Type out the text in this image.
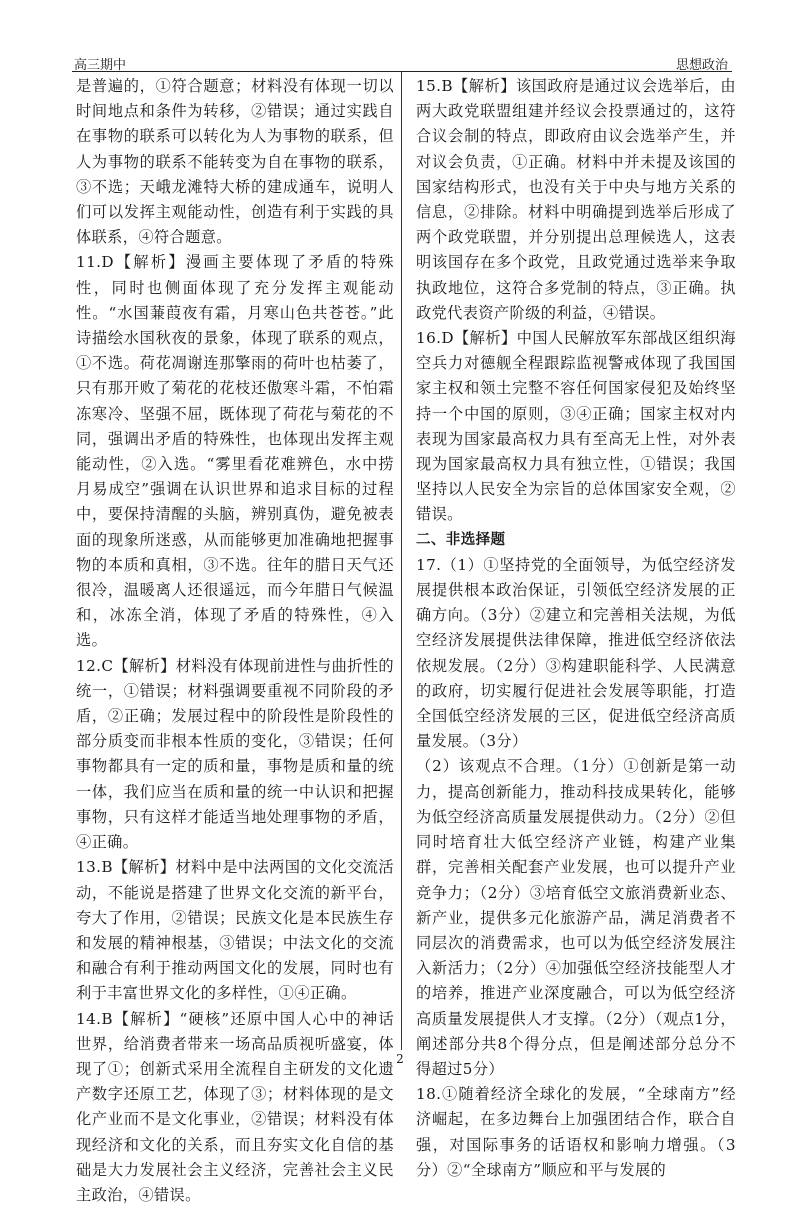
高三期中	思想政治

是普遍的，①符合题意；材料没有体现一切以时间地点和条件为转移，②错误；通过实践自在事物的联系可以转化为人为事物的联系，但人为事物的联系不能转变为自在事物的联系，③不选；天峨龙滩特大桥的建成通车，说明人们可以发挥主观能动性，创造有利于实践的具体联系，④符合题意。

11.D【解析】漫画主要体现了矛盾的特殊性，同时也侧面体现了充分发挥主观能动性。“水国蒹葭夜有霜，月寒山色共苍苍。”此诗描绘水国秋夜的景象，体现了联系的观点，①不选。荷花凋谢连那擎雨的荷叶也枯萎了，只有那开败了菊花的花枝还傲寒斗霜，不怕霜冻寒冷、坚强不屈，既体现了荷花与菊花的不同，强调出矛盾的特殊性，也体现出发挥主观能动性，②入选。“雾里看花难辨色，水中捞月易成空”强调在认识世界和追求目标的过程中，要保持清醒的头脑，辨别真伪，避免被表面的现象所迷惑，从而能够更加准确地把握事物的本质和真相，③不选。往年的腊日天气还很冷，温暖离人还很遥远，而今年腊日气候温和，冰冻全消，体现了矛盾的特殊性，④入选。

12.C【解析】材料没有体现前进性与曲折性的统一，①错误；材料强调要重视不同阶段的矛盾，②正确；发展过程中的阶段性是阶段性的部分质变而非根本性质的变化，③错误；任何事物都具有一定的质和量，事物是质和量的统一体，我们应当在质和量的统一中认识和把握事物，只有这样才能适当地处理事物的矛盾，④正确。

13.B【解析】材料中是中法两国的文化交流活动，不能说是搭建了世界文化交流的新平台，夸大了作用，②错误；民族文化是本民族生存和发展的精神根基，③错误；中法文化的交流和融合有利于推动两国文化的发展，同时也有利于丰富世界文化的多样性，①④正确。

14.B【解析】“硬核”还原中国人心中的神话世界，给消费者带来一场高品质视听盛宴，体现了①；创新式采用全流程自主研发的文化遗产数字还原工艺，体现了③；材料体现的是文化产业而不是文化事业，②错误；材料没有体现经济和文化的关系，而且夯实文化自信的基础是大力发展社会主义经济，完善社会主义民主政治，④错误。

15.B【解析】该国政府是通过议会选举后，由两大政党联盟组建并经议会投票通过的，这符合议会制的特点，即政府由议会选举产生，并对议会负责，①正确。材料中并未提及该国的国家结构形式，也没有关于中央与地方关系的信息，②排除。材料中明确提到选举后形成了两个政党联盟，并分别提出总理候选人，这表明该国存在多个政党，且政党通过选举来争取执政地位，这符合多党制的特点，③正确。执政党代表资产阶级的利益，④错误。

16.D【解析】中国人民解放军东部战区组织海空兵力对德舰全程跟踪监视警戒体现了我国国家主权和领土完整不容任何国家侵犯及始终坚持一个中国的原则，③④正确；国家主权对内表现为国家最高权力具有至高无上性，对外表现为国家最高权力具有独立性，①错误；我国坚持以人民安全为宗旨的总体国家安全观，②错误。

二、非选择题

17.（1）①坚持党的全面领导，为低空经济发展提供根本政治保证，引领低空经济发展的正确方向。（3分）②建立和完善相关法规，为低空经济发展提供法律保障，推进低空经济依法依规发展。（2分）③构建职能科学、人民满意的政府，切实履行促进社会发展等职能，打造全国低空经济发展的三区，促进低空经济高质量发展。（3分）

（2）该观点不合理。（1分）①创新是第一动力，提高创新能力，推动科技成果转化，能够为低空经济高质量发展提供动力。（2分）②但同时培育壮大低空经济产业链，构建产业集群，完善相关配套产业发展，也可以提升产业竞争力；（2分）③培育低空文旅消费新业态、新产业，提供多元化旅游产品，满足消费者不同层次的消费需求，也可以为低空经济发展注入新活力；（2分）④加强低空经济技能型人才的培养，推进产业深度融合，可以为低空经济高质量发展提供人才支撑。（2分）（观点1分，阐述部分共8个得分点，但是阐述部分总分不得超过5分）

18.①随着经济全球化的发展，“全球南方”经济崛起，在多边舞台上加强团结合作，联合自强，对国际事务的话语权和影响力增强。（3分）②“全球南方”顺应和平与发展的

2
